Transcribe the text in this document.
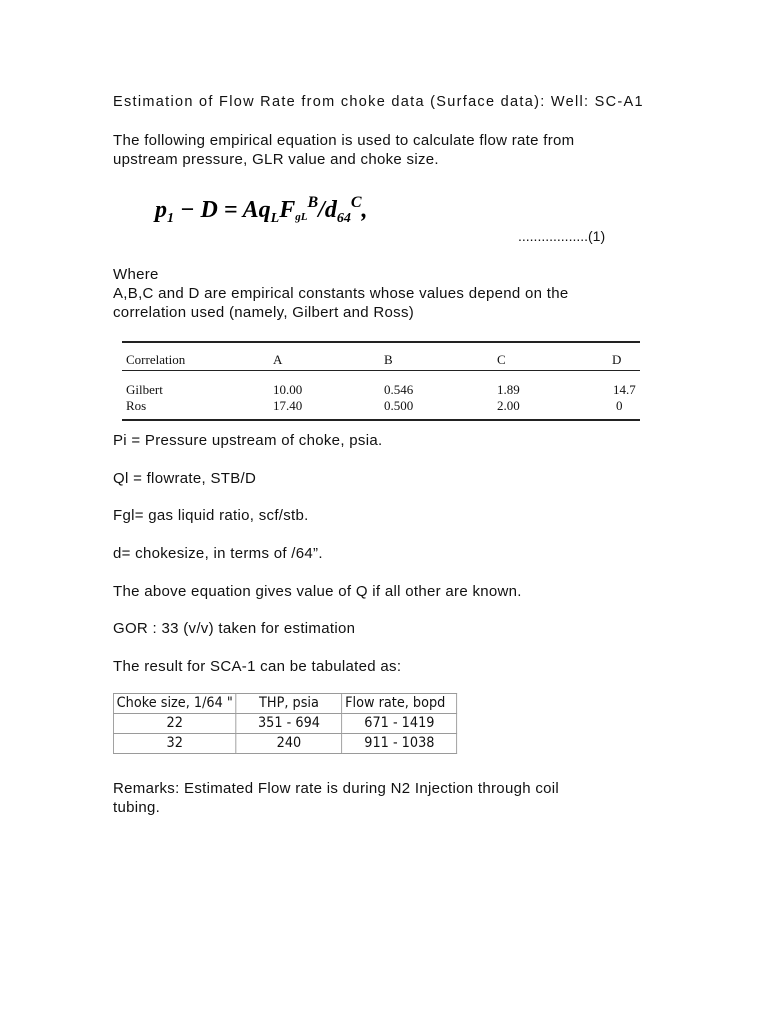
Estimation of Flow Rate from choke data (Surface data): Well: SC-A1
The following empirical equation is used to calculate flow rate from
upstream pressure, GLR value and choke size.
$p_1 - D = Aq_LFgL^B/d_{64}^C$,
..................(1)
Where
A,B,C and D are empirical constants whose values depend on the
correlation used (namely, Gilbert and Ross)
Correlation	A	B	C	D
Gilbert	10.00	0.546	1.89	14.7
Ros	17.40	0.500	2.00	0
Pi = Pressure upstream of choke, psia.
Ql = flowrate, STB/D
Fgl= gas liquid ratio, scf/stb.
d= chokesize, in terms of /64”.
The above equation gives value of Q if all other are known.
GOR : 33 (v/v) taken for estimation
The result for SCA-1 can be tabulated as:
Choke size, 1/64 "	THP, psia	Flow rate, bopd
22	351 - 694	671 - 1419
32	240	911 - 1038
Remarks: Estimated Flow rate is during N2 Injection through coil
tubing.
